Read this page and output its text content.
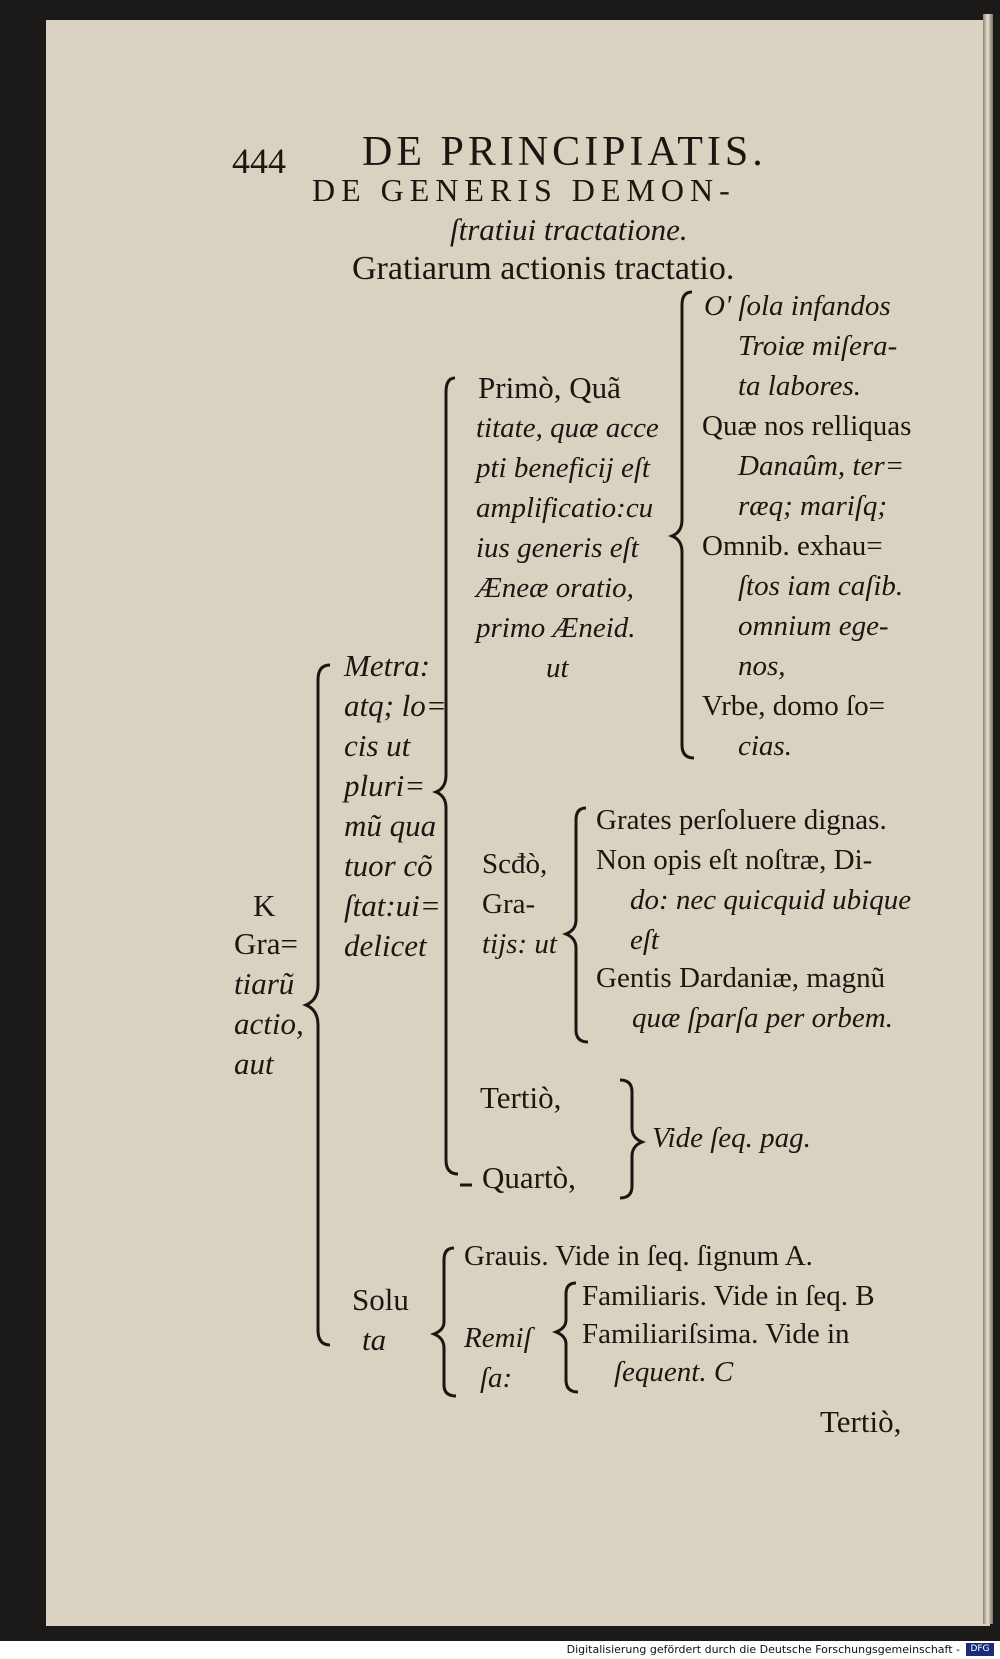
444 DE PRINCIPIATIS.
DE GENERIS DEMON-
ſtratiui tractatione.
Gratiarum actionis tractatio.
K
Gra=
tiarũ
actio,
aut
Metra:
atq; lo=
cis ut
pluri=
mũ qua
tuor cõ
ſtat:ui=
delicet
Primò, Quã
titate, quæ acce
pti beneficij eſt
amplificatio:cu
ius generis eſt
Æneæ oratio,
primo Æneid.
ut
O' ſola infandos
Troiæ miſera-
ta labores.
Quæ nos relliquas
Danaûm, ter=
ræq; mariſq;
Omnib. exhau=
ſtos iam caſib.
omnium ege-
nos,
Vrbe, domo ſo=
cias.
Scđò,
Gra-
tijs: ut
Grates perſoluere dignas.
Non opis eſt noſtræ, Di-
do: nec quicquid ubique
eſt
Gentis Dardaniæ, magnũ
quæ ſparſa per orbem.
Tertiò,
Quartò,
Vide ſeq. pag.
Solu
ta
Grauis. Vide in ſeq. ſignum A.
Remiſ
ſa:
Familiaris. Vide in ſeq. B
Familiariſsima. Vide in
ſequent. C
Tertiò,
Digitalisierung gefördert durch die Deutsche Forschungsgemeinschaft -	DFG
